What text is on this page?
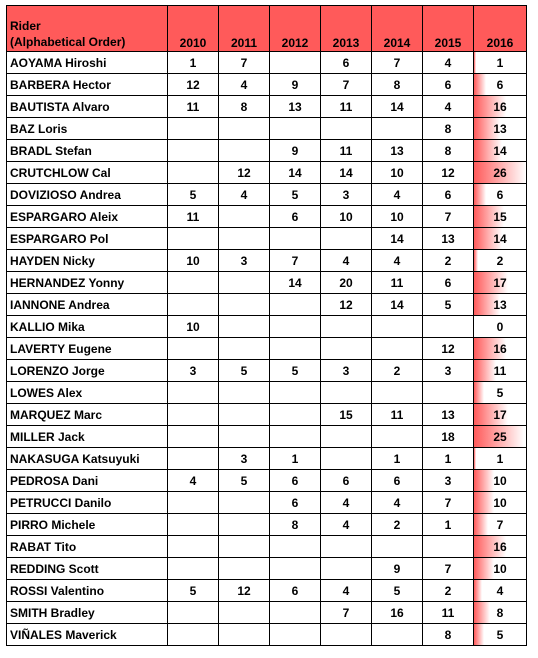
Rider
(Alphabetical Order)	2010	2011	2012	2013	2014	2015	2016
AOYAMA Hiroshi	1	7		6	7	4	1
BARBERA Hector	12	4	9	7	8	6	6
BAUTISTA Alvaro	11	8	13	11	14	4	16
BAZ Loris						8	13
BRADL Stefan			9	11	13	8	14
CRUTCHLOW Cal		12	14	14	10	12	26
DOVIZIOSO Andrea	5	4	5	3	4	6	6
ESPARGARO Aleix	11		6	10	10	7	15
ESPARGARO Pol					14	13	14
HAYDEN Nicky	10	3	7	4	4	2	2
HERNANDEZ Yonny			14	20	11	6	17
IANNONE Andrea				12	14	5	13
KALLIO Mika	10						0
LAVERTY Eugene						12	16
LORENZO Jorge	3	5	5	3	2	3	11
LOWES Alex							5
MARQUEZ Marc				15	11	13	17
MILLER Jack						18	25
NAKASUGA Katsuyuki		3	1		1	1	1
PEDROSA Dani	4	5	6	6	6	3	10
PETRUCCI Danilo			6	4	4	7	10
PIRRO Michele			8	4	2	1	7
RABAT Tito							16
REDDING Scott					9	7	10
ROSSI Valentino	5	12	6	4	5	2	4
SMITH Bradley				7	16	11	8
VIÑALES Maverick						8	5
